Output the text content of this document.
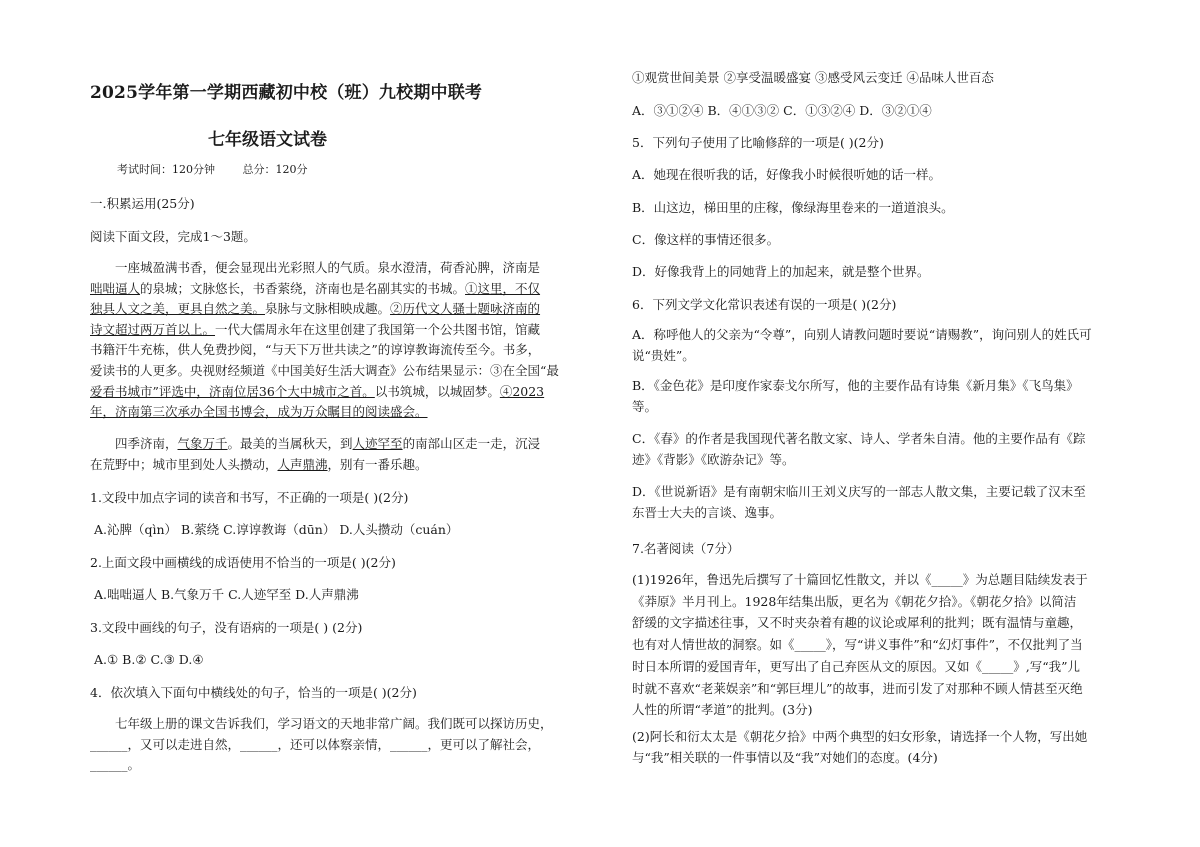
2025学年第一学期西藏初中校（班）九校期中联考
七年级语文试卷
考试时间：120分钟	总分：120分
一.积累运用(25分)
阅读下面文段，完成1～3题。
一座城盈满书香，便会显现出光彩照人的气质。泉水澄清，荷香沁脾，济南是
咄咄逼人的泉城；文脉悠长，书香萦绕，济南也是名副其实的书城。①这里，不仅
独具人文之美，更具自然之美。泉脉与文脉相映成趣。②历代文人骚士题咏济南的
诗文超过两万首以上。一代大儒周永年在这里创建了我国第一个公共图书馆，馆藏
书籍汗牛充栋，供人免费抄阅，“与天下万世共读之”的谆谆教诲流传至今。书多，
爱读书的人更多。央视财经频道《中国美好生活大调查》公布结果显示：③在全国“最
爱看书城市”评选中，济南位居36个大中城市之首。以书筑城，以城固梦。④2023
年，济南第三次承办全国书博会，成为万众瞩目的阅读盛会。
四季济南，气象万千。最美的当属秋天，到人迹罕至的南部山区走一走，沉浸
在荒野中；城市里到处人头攒动，人声鼎沸，别有一番乐趣。
1.文段中加点字词的读音和书写，不正确的一项是( )(2分)
A.沁脾（qìn） B.萦绕 C.谆谆教诲（dūn） D.人头攒动（cuán）
2.上面文段中画横线的成语使用不恰当的一项是( )(2分)
A.咄咄逼人 B.气象万千 C.人迹罕至 D.人声鼎沸
3.文段中画线的句子，没有语病的一项是( ) (2分)
A.① B.② C.③ D.④
4．依次填入下面句中横线处的句子，恰当的一项是( )(2分)
七年级上册的课文告诉我们，学习语文的天地非常广阔。我们既可以探访历史，
______，又可以走进自然，______，还可以体察亲情，______，更可以了解社会，
______。
①观赏世间美景 ②享受温暖盛宴 ③感受风云变迁 ④品味人世百态
A．③①②④ B．④①③② C．①③②④ D．③②①④
5．下列句子使用了比喻修辞的一项是( )(2分)
A．她现在很听我的话，好像我小时候很听她的话一样。
B．山这边，梯田里的庄稼，像绿海里卷来的一道道浪头。
C．像这样的事情还很多。
D．好像我背上的同她背上的加起来，就是整个世界。
6．下列文学文化常识表述有误的一项是( )(2分)
A．称呼他人的父亲为“令尊”，向别人请教问题时要说“请赐教”，询问别人的姓氏可
说“贵姓”。
B．《金色花》是印度作家泰戈尔所写，他的主要作品有诗集《新月集》《飞鸟集》
等。
C．《春》的作者是我国现代著名散文家、诗人、学者朱自清。他的主要作品有《踪
迹》《背影》《欧游杂记》等。
D．《世说新语》是有南朝宋临川王刘义庆写的一部志人散文集，主要记载了汉末至
东晋士大夫的言谈、逸事。
7.名著阅读（7分）
(1)1926年，鲁迅先后撰写了十篇回忆性散文，并以《_____》为总题目陆续发表于
《莽原》半月刊上。1928年结集出版，更名为《朝花夕拾》。《朝花夕拾》以简洁
舒缓的文字描述往事，又不时夹杂着有趣的议论或犀利的批判；既有温情与童趣，
也有对人情世故的洞察。如《_____》，写“讲义事件”和“幻灯事件”，不仅批判了当
时日本所谓的爱国青年，更写出了自己弃医从文的原因。又如《_____》,写“我”儿
时就不喜欢“老莱娱亲”和“郭巨埋儿”的故事，进而引发了对那种不顾人情甚至灭绝
人性的所谓“孝道”的批判。(3分)
(2)阿长和衍太太是《朝花夕拾》中两个典型的妇女形象，请选择一个人物，写出她
与“我”相关联的一件事情以及“我”对她们的态度。(4分)
